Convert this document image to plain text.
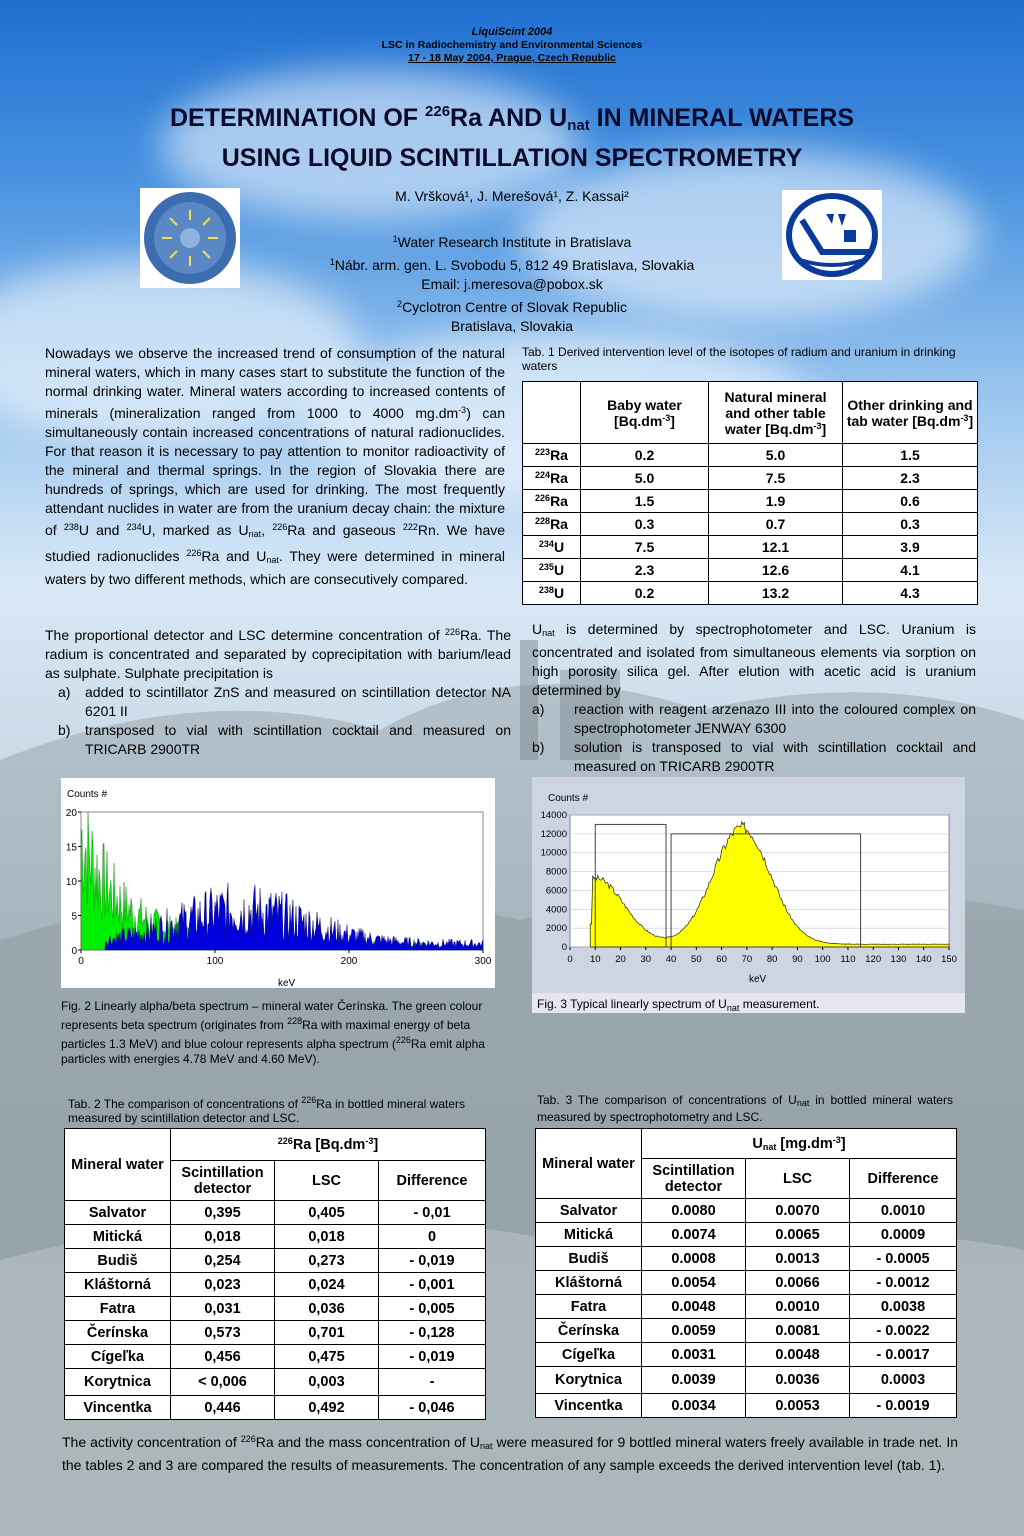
LiquiScint 2004
LSC in Radiochemistry and Environmental Sciences
17 - 18 May 2004, Prague, Czech Republic
DETERMINATION OF $^{226}$Ra AND $U_{nat}$ IN MINERAL WATERS
USING LIQUID SCINTILLATION SPECTROMETRY
M. Vršková¹, J. Merešová¹, Z. Kassai²
$^1$Water Research Institute in Bratislava
$^1$Nábr. arm. gen. L. Svobodu 5, 812 49 Bratislava, Slovakia
Email: j.meresova@pobox.sk
$^2$Cyclotron Centre of Slovak Republic
Bratislava, Slovakia

Nowadays we observe the increased trend of consumption of the natural mineral waters, which in many cases start to substitute the function of the normal drinking water. Mineral waters according to increased contents of minerals (mineralization ranged from 1000 to 4000 $mg.dm^{-3}$) can simultaneously contain increased concentrations of natural radionuclides. For that reason it is necessary to pay attention to monitor radioactivity of the mineral and thermal springs. In the region of Slovakia there are hundreds of springs, which are used for drinking. The most frequently attendant nuclides in water are from the uranium decay chain: the mixture of $^{238}$U and $^{234}$U, marked as $U_{nat}$, $^{226}$Ra and gaseous $^{222}$Rn. We have studied radionuclides $^{226}$Ra and $U_{nat}$. They were determined in mineral waters by two different methods, which are consecutively compared.

The proportional detector and LSC determine concentration of $^{226}$Ra. The radium is concentrated and separated by coprecipitation with barium/lead as sulphate. Sulphate precipitation is

a)	added to scintillator ZnS and measured on scintillation detector NA 6201 II
b)	transposed to vial with scintillation cocktail and measured on TRICARB 2900TR
Tab. 1 Derived intervention level of the isotopes of radium and uranium in drinking waters
	Baby water $[Bq.dm^{-3}]$	Natural mineral and other table water $[Bq.dm^{-3}]$	Other drinking and tab water $[Bq.dm^{-3}]$
$^{223}$Ra	0.2	5.0	1.5
$^{224}$Ra	5.0	7.5	2.3
$^{226}$Ra	1.5	1.9	0.6
$^{228}$Ra	0.3	0.7	0.3
$^{234}$U	7.5	12.1	3.9
$^{235}$U	2.3	12.6	4.1
$^{238}$U	0.2	13.2	4.3

$U_{nat}$ is determined by spectrophotometer and LSC. Uranium is concentrated and isolated from simultaneous elements via sorption on high porosity silica gel. After elution with acetic acid is uranium determined by

a)	reaction with reagent arzenazo III into the coloured complex on spectrophotometer JENWAY 6300
b)	solution is transposed to vial with scintillation cocktail and measured on TRICARB 2900TR
Counts #
keV
20
15
10
5
0
0	100	200	300
Fig. 2 Linearly alpha/beta spectrum – mineral water Čerínska. The green colour represents beta spectrum (originates from $^{228}$Ra with maximal energy of beta particles 1.3 MeV) and blue colour represents alpha spectrum ($^{226}$Ra emit alpha particles with energies 4.78 MeV and 4.60 MeV).
Counts #
keV
14000
12000
10000
8000
6000
4000
2000
0
0 10 20 30 40 50 60 70 80 90 100 110 120 130 140 150
Fig. 3 Typical linearly spectrum of $U_{nat}$ measurement.
Tab. 2 The comparison of concentrations of $^{226}$Ra in bottled mineral waters measured by scintillation detector and LSC.
Mineral water	$^{226}$Ra $[Bq.dm^{-3}]$		
	Scintillation detector	LSC	Difference
Salvator	0,395	0,405	- 0,01
Mitická	0,018	0,018	0
Budiš	0,254	0,273	- 0,019
Kláštorná	0,023	0,024	- 0,001
Fatra	0,031	0,036	- 0,005
Čerínska	0,573	0,701	- 0,128
Cígeľka	0,456	0,475	- 0,019
Korytnica	< 0,006	0,003	-
Vincentka	0,446	0,492	- 0,046
Tab. 3 The comparison of concentrations of $U_{nat}$ in bottled mineral waters measured by spectrophotometry and LSC.
Mineral water	$U_{nat}$ $[mg.dm^{-3}]$		
	Scintillation detector	LSC	Difference
Salvator	0.0080	0.0070	0.0010
Mitická	0.0074	0.0065	0.0009
Budiš	0.0008	0.0013	- 0.0005
Kláštorná	0.0054	0.0066	- 0.0012
Fatra	0.0048	0.0010	0.0038
Čerínska	0.0059	0.0081	- 0.0022
Cígeľka	0.0031	0.0048	- 0.0017
Korytnica	0.0039	0.0036	0.0003
Vincentka	0.0034	0.0053	- 0.0019

The activity concentration of $^{226}$Ra and the mass concentration of $U_{nat}$ were measured for 9 bottled mineral waters freely available in trade net. In the tables 2 and 3 are compared the results of measurements. The concentration of any sample exceeds the derived intervention level (tab. 1).
